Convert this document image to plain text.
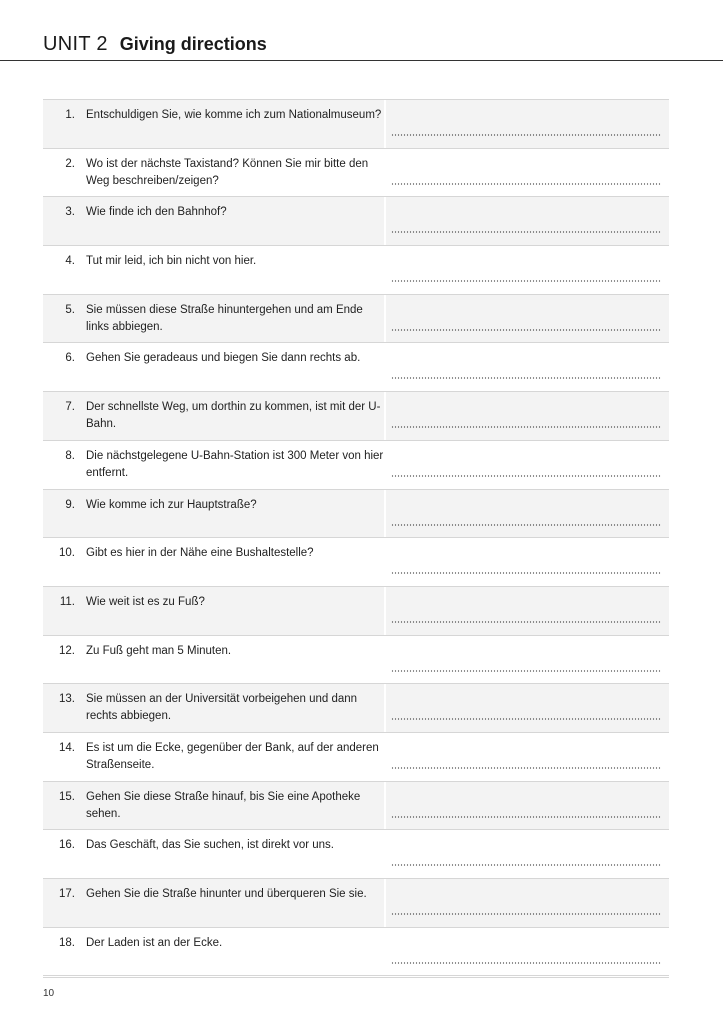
UNIT 2 Giving directions
1. Entschuldigen Sie, wie komme ich zum Nationalmuseum?
2. Wo ist der nächste Taxistand? Können Sie mir bitte den Weg beschreiben/zeigen?
3. Wie finde ich den Bahnhof?
4. Tut mir leid, ich bin nicht von hier.
5. Sie müssen diese Straße hinuntergehen und am Ende links abbiegen.
6. Gehen Sie geradeaus und biegen Sie dann rechts ab.
7. Der schnellste Weg, um dorthin zu kommen, ist mit der U-Bahn.
8. Die nächstgelegene U-Bahn-Station ist 300 Meter von hier entfernt.
9. Wie komme ich zur Hauptstraße?
10. Gibt es hier in der Nähe eine Bushaltestelle?
11. Wie weit ist es zu Fuß?
12. Zu Fuß geht man 5 Minuten.
13. Sie müssen an der Universität vorbeigehen und dann rechts abbiegen.
14. Es ist um die Ecke, gegenüber der Bank, auf der anderen Straßenseite.
15. Gehen Sie diese Straße hinauf, bis Sie eine Apotheke sehen.
16. Das Geschäft, das Sie suchen, ist direkt vor uns.
17. Gehen Sie die Straße hinunter und überqueren Sie sie.
18. Der Laden ist an der Ecke.
10
